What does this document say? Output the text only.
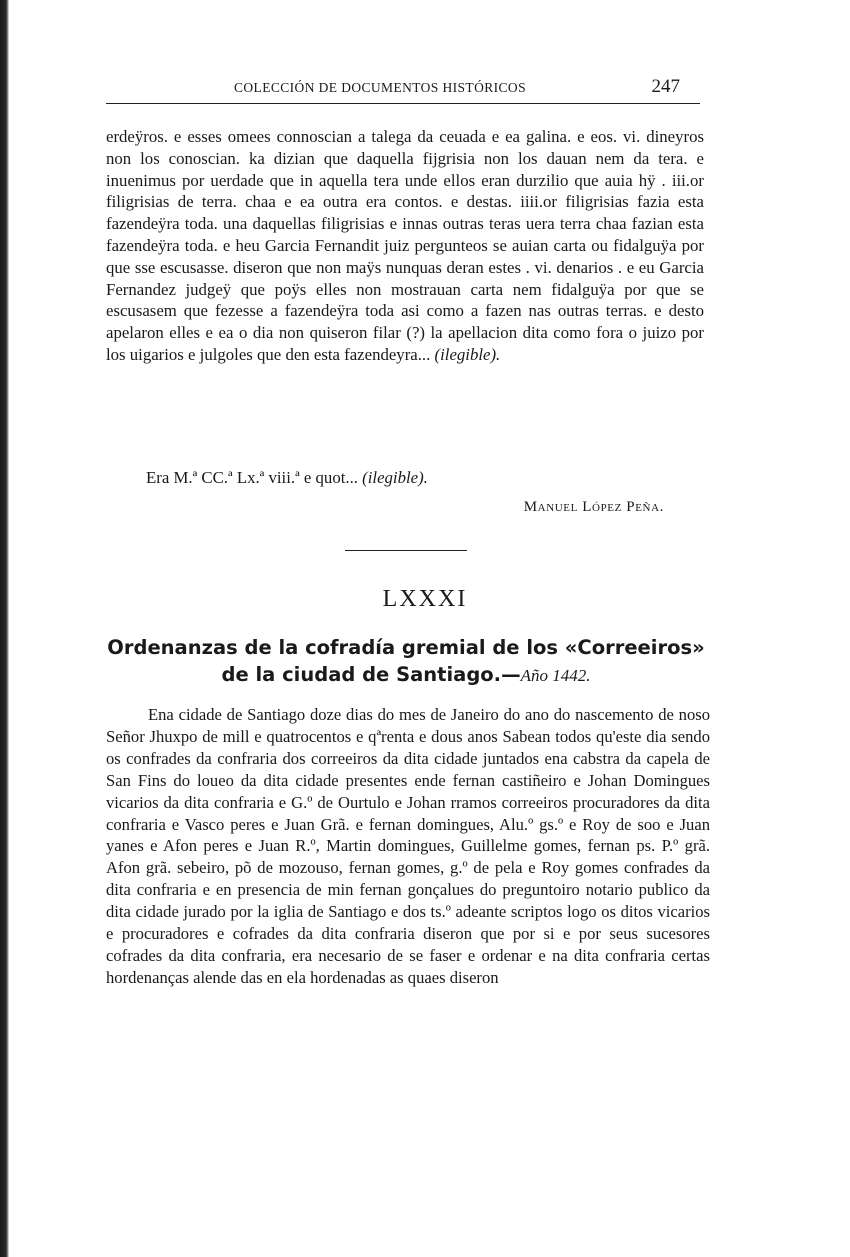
COLECCIÓN DE DOCUMENTOS HISTÓRICOS	247

erdeÿros. e esses omees connoscian a talega da ceuada e ea galina. e eos. vi. dineyros non los conoscian. ka dizian que daquella fijgrisia non los dauan nem da tera. e inuenimus por uerdade que in aquella tera unde ellos eran durzilio que auia hÿ . iii.or filigrisias de terra. chaa e ea outra era contos. e destas. iiii.or filigrisias fazia esta fazendeÿra toda. una daquellas filigrisias e innas outras teras uera terra chaa fazian esta fazendeÿra toda. e heu Garcia Fernandit juiz pergunteos se auian carta ou fidalguÿa por que sse escusasse. diseron que non maÿs nunquas deran estes . vi. denarios . e eu Garcia Fernandez judgeÿ que poÿs elles non mostrauan carta nem fidalguÿa por que se escusasem que fezesse a fazendeÿra toda asi como a fazen nas outras terras. e desto apelaron elles e ea o dia non quiseron filar (?) la apellacion dita como fora o juizo por los uigarios e julgoles que den esta fazendeyra... (ilegible).

Era M.ª CC.ª Lx.ª viii.ª e quot... (ilegible).
Manuel López Peña.
LXXXI
Ordenanzas de la cofradía gremial de los «Correeiros» de la ciudad de Santiago.—Año 1442.

Ena cidade de Santiago doze dias do mes de Janeiro do ano do nascemento de noso Señor Jhuxpo de mill e quatrocentos e qªrenta e dous anos Sabean todos qu'este dia sendo os confrades da confraria dos correeiros da dita cidade juntados ena cabstra da capela de San Fins do loueo da dita cidade presentes ende fernan castiñeiro e Johan Domingues vicarios da dita confraria e G.º de Ourtulo e Johan rramos correeiros procuradores da dita confraria e Vasco peres e Juan Grã. e fernan domingues, Alu.º gs.º e Roy de soo e Juan yanes e Afon peres e Juan R.º, Martin domingues, Guillelme gomes, fernan ps. P.º grã. Afon grã. sebeiro, põ de mozouso, fernan gomes, g.º de pela e Roy gomes confrades da dita confraria e en presencia de min fernan gonçalues do preguntoiro notario publico da dita cidade jurado por la iglia de Santiago e dos ts.º adeante scriptos logo os ditos vicarios e procuradores e cofrades da dita confraria diseron que por si e por seus sucesores cofrades da dita confraria, era necesario de se faser e ordenar e na dita confraria certas hordenanças alende das en ela hordenadas as quaes diseron
